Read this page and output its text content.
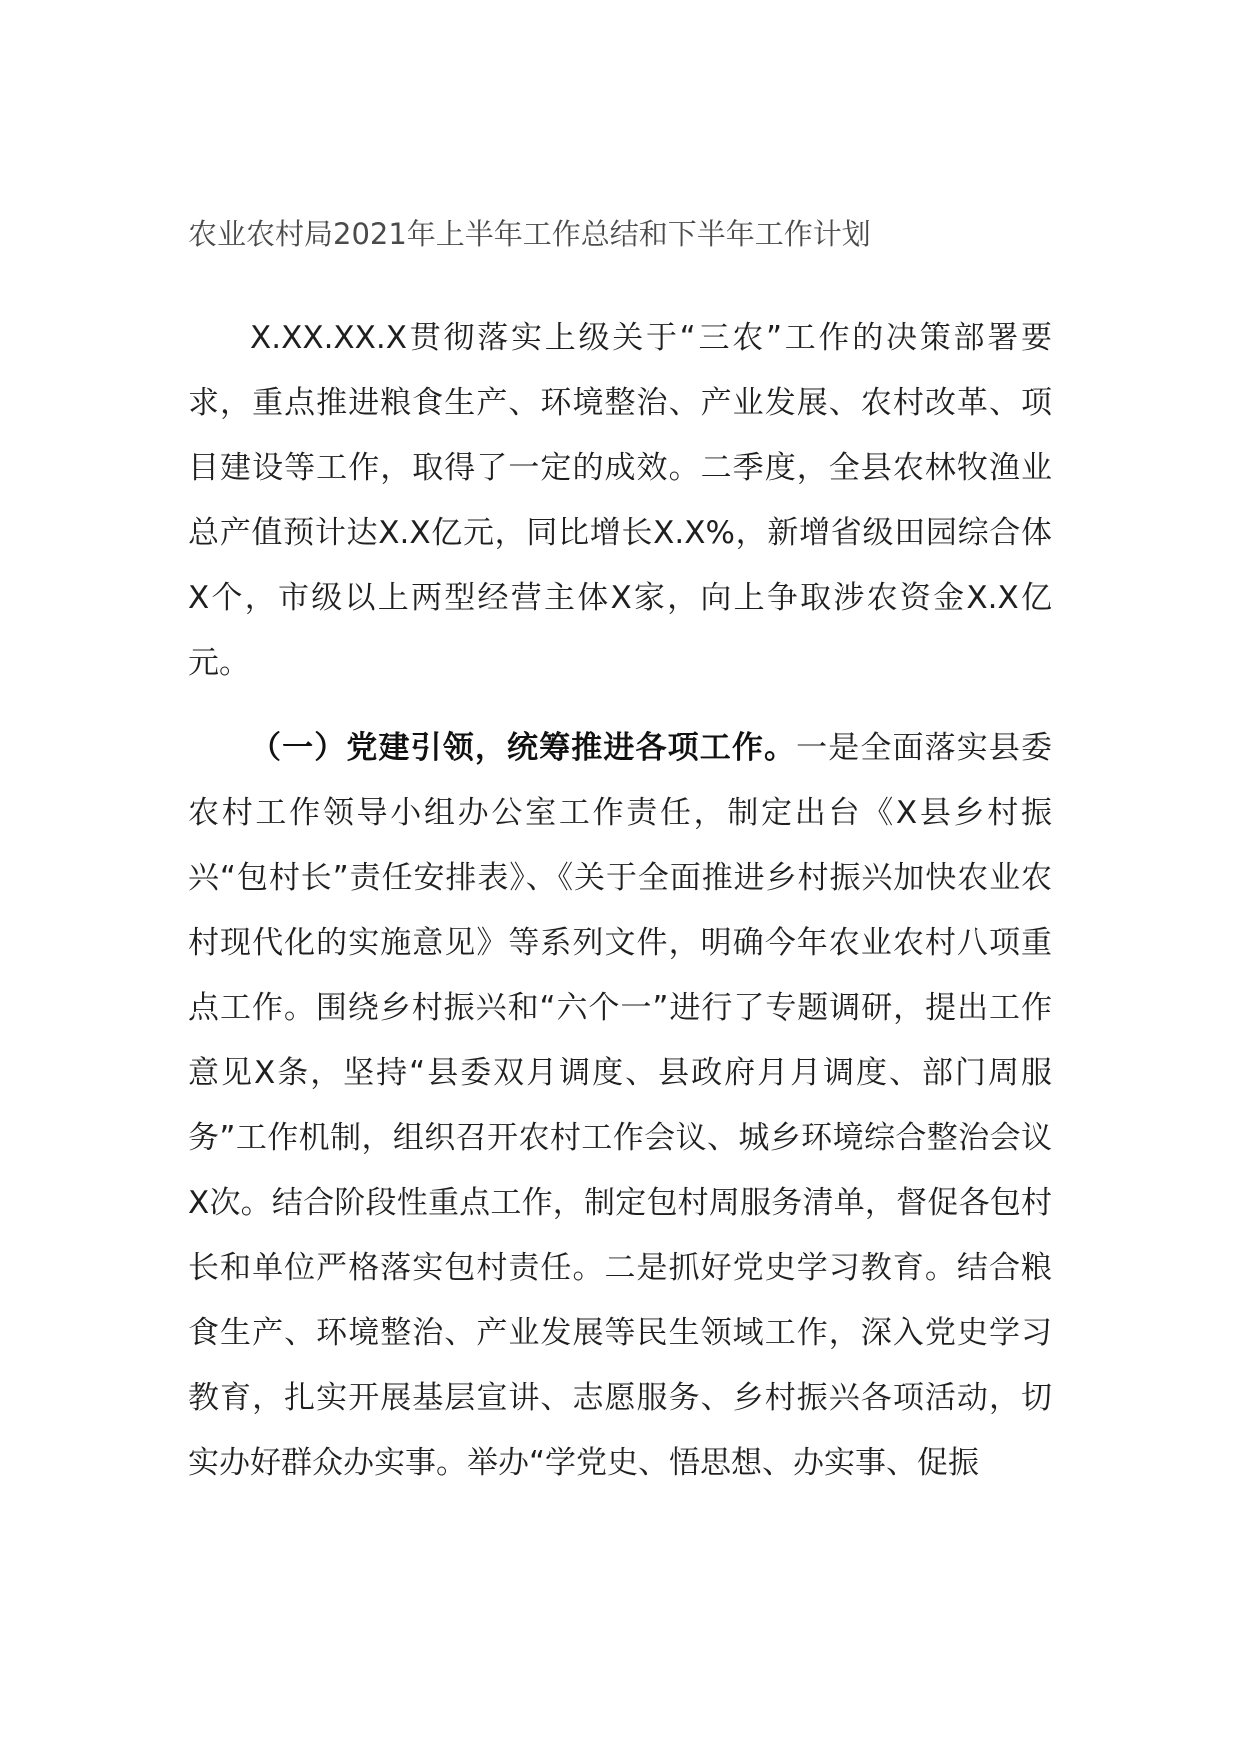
农业农村局2021年上半年工作总结和下半年工作计划

X.XX.XX.X贯彻落实上级关于“三农”工作的决策部署要求，重点推进粮食生产、环境整治、产业发展、农村改革、项目建设等工作，取得了一定的成效。二季度，全县农林牧渔业总产值预计达X.X亿元，同比增长X.X%，新增省级田园综合体X个，市级以上两型经营主体X家，向上争取涉农资金X.X亿元。

（一）党建引领，统筹推进各项工作。一是全面落实县委农村工作领导小组办公室工作责任，制定出台《X县乡村振兴“包村长”责任安排表》、《关于全面推进乡村振兴加快农业农村现代化的实施意见》等系列文件，明确今年农业农村八项重点工作。围绕乡村振兴和“六个一”进行了专题调研，提出工作意见X条，坚持“县委双月调度、县政府月月调度、部门周服务”工作机制，组织召开农村工作会议、城乡环境综合整治会议X次。结合阶段性重点工作，制定包村周服务清单，督促各包村长和单位严格落实包村责任。二是抓好党史学习教育。结合粮食生产、环境整治、产业发展等民生领域工作，深入党史学习教育，扎实开展基层宣讲、志愿服务、乡村振兴各项活动，切实办好群众办实事。举办“学党史、悟思想、办实事、促振
